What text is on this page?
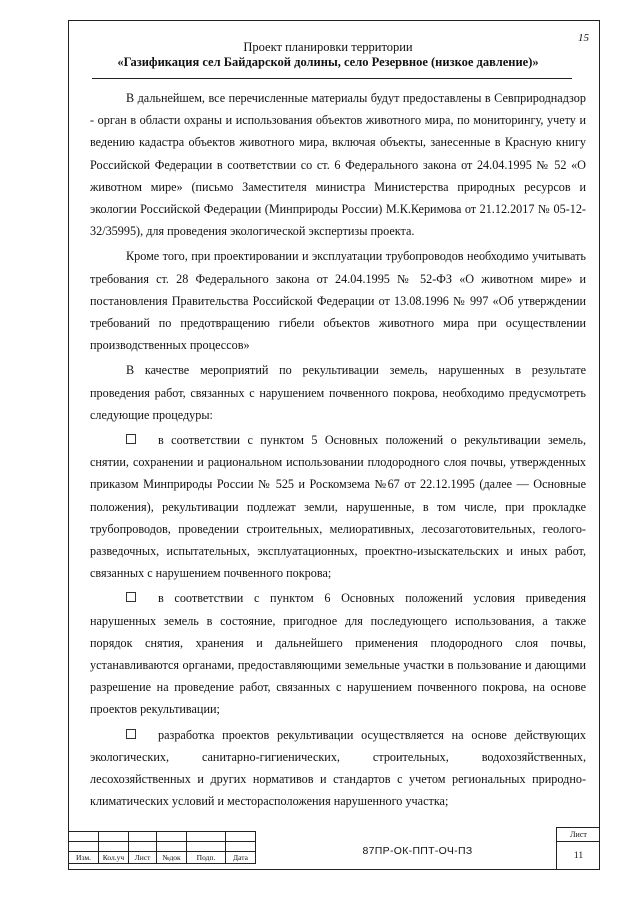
15
Проект планировки территории
«Газификация сел Байдарской долины, село Резервное (низкое давление)»

В дальнейшем, все перечисленные материалы будут предоставлены в Севприроднадзор - орган в области охраны и использования объектов животного мира, по мониторингу, учету и ведению кадастра объектов животного мира, включая объекты, занесенные в Красную книгу Российской Федерации в соответствии со ст. 6 Федерального закона от 24.04.1995 № 52 «О животном мире» (письмо Заместителя министра Министерства природных ресурсов и экологии Российской Федерации (Минприроды России) М.К.Керимова от 21.12.2017 № 05-12-32/35995), для проведения экологической экспертизы проекта.

Кроме того, при проектировании и эксплуатации трубопроводов необходимо учитывать требования ст. 28 Федерального закона от 24.04.1995 № 52-ФЗ «О животном мире» и постановления Правительства Российской Федерации от 13.08.1996 № 997 «Об утверждении требований по предотвращению гибели объектов животного мира при осуществлении производственных процессов»

В качестве мероприятий по рекультивации земель, нарушенных в результате проведения работ, связанных с нарушением почвенного покрова, необходимо предусмотреть следующие процедуры:

в соответствии с пунктом 5 Основных положений о рекультивации земель, снятии, сохранении и рациональном использовании плодородного слоя почвы, утвержденных приказом Минприроды России № 525 и Роскомзема №67 от 22.12.1995 (далее — Основные положения), рекультивации подлежат земли, нарушенные, в том числе, при прокладке трубопроводов, проведении строительных, мелиоративных, лесозаготовительных, геолого-разведочных, испытательных, эксплуатационных, проектно-изыскательских и иных работ, связанных с нарушением почвенного покрова;

в соответствии с пунктом 6 Основных положений условия приведения нарушенных земель в состояние, пригодное для последующего использования, а также порядок снятия, хранения и дальнейшего применения плодородного слоя почвы, устанавливаются органами, предоставляющими земельные участки в пользование и дающими разрешение на проведение работ, связанных с нарушением почвенного покрова, на основе проектов рекультивации;

разработка проектов рекультивации осуществляется на основе действующих экологических, санитарно-гигиенических, строительных, водохозяйственных, лесохозяйственных и других нормативов и стандартов с учетом региональных природно-климатических условий и месторасположения нарушенного участка;

Изм.	Кол.уч	Лист	№док	Подп.	Дата
87ПР-ОК-ППТ-ОЧ-ПЗ
Лист
11
